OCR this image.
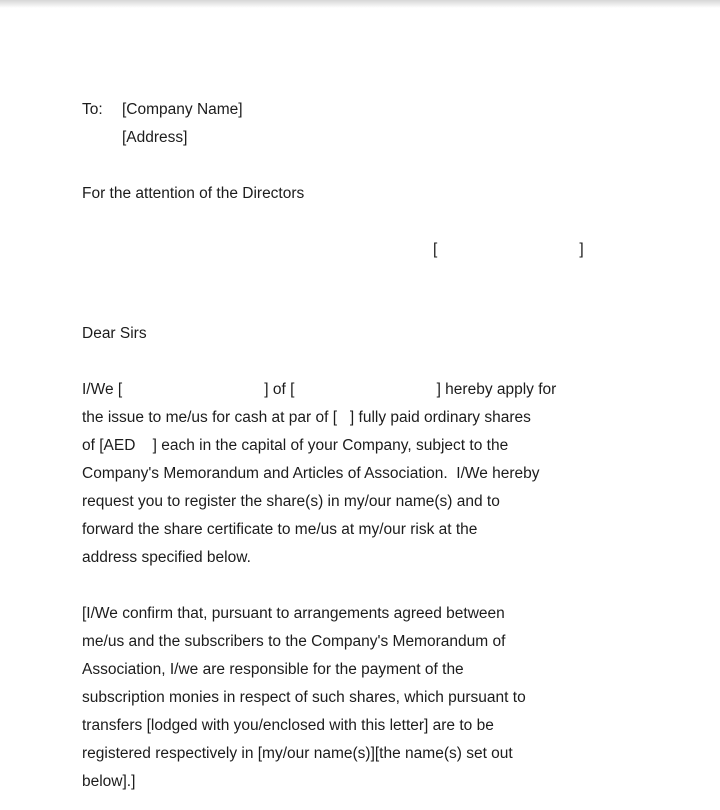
To: [Company Name]
[Address]
For the attention of the Directors
[                                 ]
Dear Sirs
I/We [                                 ] of [                                 ] hereby apply for
the issue to me/us for cash at par of [   ] fully paid ordinary shares
of [AED    ] each in the capital of your Company, subject to the
Company's Memorandum and Articles of Association.  I/We hereby
request you to register the share(s) in my/our name(s) and to
forward the share certificate to me/us at my/our risk at the
address specified below.
[I/We confirm that, pursuant to arrangements agreed between
me/us and the subscribers to the Company's Memorandum of
Association, I/we are responsible for the payment of the
subscription monies in respect of such shares, which pursuant to
transfers [lodged with you/enclosed with this letter] are to be
registered respectively in [my/our name(s)][the name(s) set out
below].]
